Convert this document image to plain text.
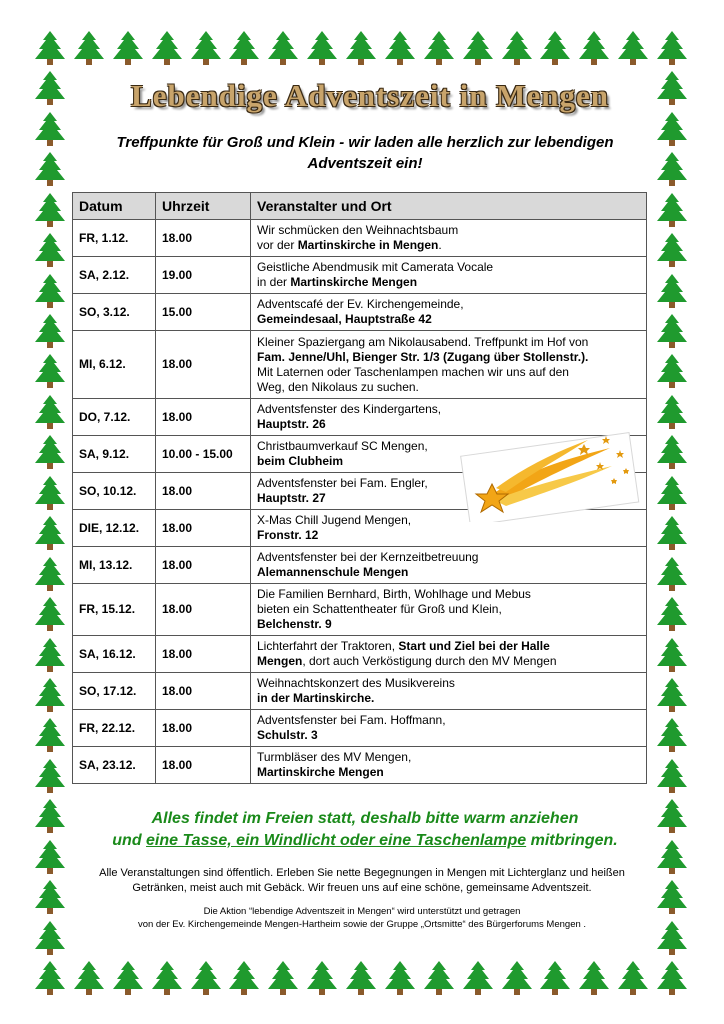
Lebendige Adventszeit in Mengen

Treffpunkte für Groß und Klein - wir laden alle herzlich zur lebendigen Adventszeit ein!

Datum	Uhrzeit	Veranstalter und Ort
FR, 1.12.	18.00	Wir schmücken den Weihnachtsbaum
vor der Martinskirche in Mengen.
SA, 2.12.	19.00	Geistliche Abendmusik mit Camerata Vocale
in der Martinskirche Mengen
SO, 3.12.	15.00	Adventscafé der Ev. Kirchengemeinde,
Gemeindesaal, Hauptstraße 42
MI, 6.12.	18.00	Kleiner Spaziergang am Nikolausabend. Treffpunkt im Hof von
Fam. Jenne/Uhl, Bienger Str. 1/3 (Zugang über Stollenstr.).
Mit Laternen oder Taschenlampen machen wir uns auf den
Weg, den Nikolaus zu suchen.
DO, 7.12.	18.00	Adventsfenster des Kindergartens,
Hauptstr. 26
SA, 9.12.	10.00 - 15.00	Christbaumverkauf SC Mengen,
beim Clubheim
SO, 10.12.	18.00	Adventsfenster bei Fam. Engler,
Hauptstr. 27
DIE, 12.12.	18.00	X-Mas Chill Jugend Mengen,
Fronstr. 12
MI, 13.12.	18.00	Adventsfenster bei der Kernzeitbetreuung
Alemannenschule Mengen
FR, 15.12.	18.00	Die Familien Bernhard, Birth, Wohlhage und Mebus
bieten ein Schattentheater für Groß und Klein,
Belchenstr. 9
SA, 16.12.	18.00	Lichterfahrt der Traktoren, Start und Ziel bei der Halle
Mengen, dort auch Verköstigung durch den MV Mengen
SO, 17.12.	18.00	Weihnachtskonzert des Musikvereins
in der Martinskirche.
FR, 22.12.	18.00	Adventsfenster bei Fam. Hoffmann,
Schulstr. 3
SA, 23.12.	18.00	Turmbläser des MV Mengen,
Martinskirche Mengen
Alles findet im Freien statt, deshalb bitte warm anziehen
und eine Tasse, ein Windlicht oder eine Taschenlampe mitbringen.
Alle Veranstaltungen sind öffentlich. Erleben Sie nette Begegnungen in Mengen mit Lichterglanz und heißen Getränken, meist auch mit Gebäck. Wir freuen uns auf eine schöne, gemeinsame Adventszeit.
Die Aktion “lebendige Adventszeit in Mengen“ wird unterstützt und getragen
von der Ev. Kirchengemeinde Mengen-Hartheim sowie der Gruppe „Ortsmitte“ des Bürgerforums Mengen .
